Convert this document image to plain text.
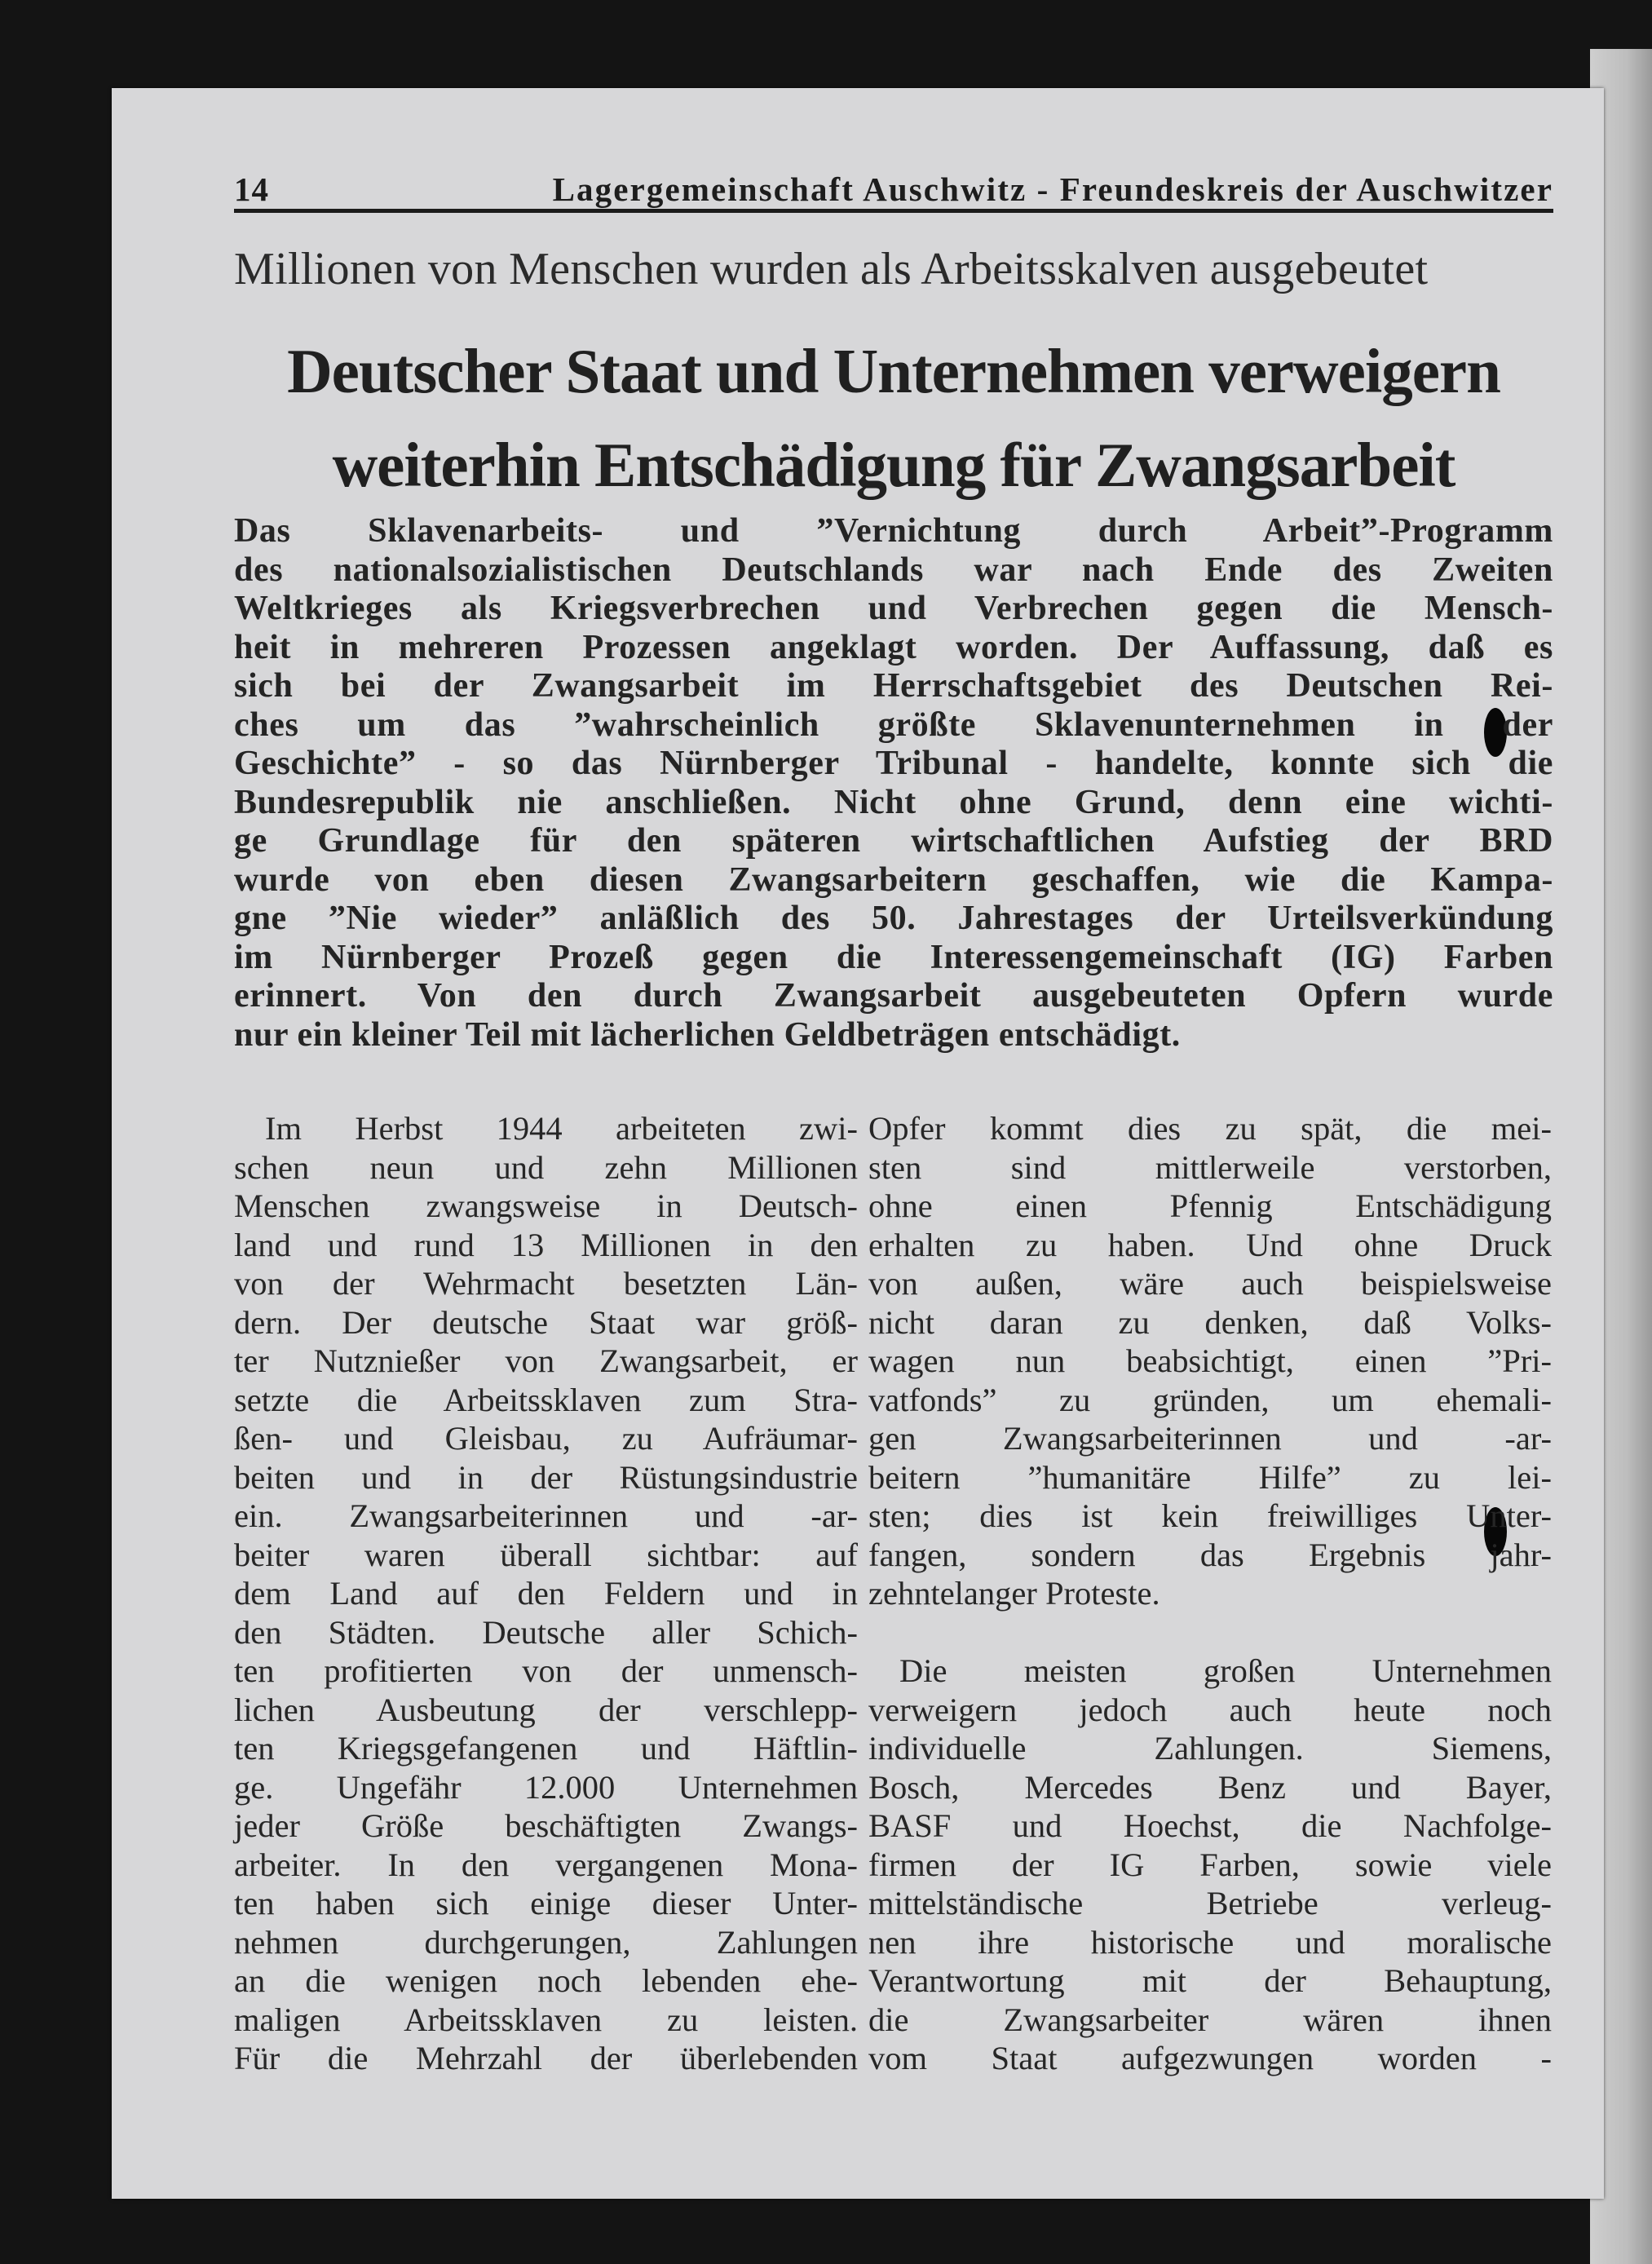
14	Lagergemeinschaft Auschwitz - Freundeskreis der Auschwitzer
Millionen von Menschen wurden als Arbeitsskalven ausgebeutet
Deutscher Staat und Unternehmen verweigern
weiterhin Entschädigung für Zwangsarbeit
Das Sklavenarbeits- und ”Vernichtung durch Arbeit”-Programm
des nationalsozialistischen Deutschlands war nach Ende des Zweiten
Weltkrieges als Kriegsverbrechen und Verbrechen gegen die Mensch-
heit in mehreren Prozessen angeklagt worden. Der Auffassung, daß es
sich bei der Zwangsarbeit im Herrschaftsgebiet des Deutschen Rei-
ches um das ”wahrscheinlich größte Sklavenunternehmen in der
Geschichte” - so das Nürnberger Tribunal - handelte, konnte sich die
Bundesrepublik nie anschließen. Nicht ohne Grund, denn eine wichti-
ge Grundlage für den späteren wirtschaftlichen Aufstieg der BRD
wurde von eben diesen Zwangsarbeitern geschaffen, wie die Kampa-
gne ”Nie wieder” anläßlich des 50. Jahrestages der Urteilsverkündung
im Nürnberger Prozeß gegen die Interessengemeinschaft (IG) Farben
erinnert. Von den durch Zwangsarbeit ausgebeuteten Opfern wurde
nur ein kleiner Teil mit lächerlichen Geldbeträgen entschädigt.
Im Herbst 1944 arbeiteten zwi-
schen neun und zehn Millionen
Menschen zwangsweise in Deutsch-
land und rund 13 Millionen in den
von der Wehrmacht besetzten Län-
dern. Der deutsche Staat war größ-
ter Nutznießer von Zwangsarbeit, er
setzte die Arbeitssklaven zum Stra-
ßen- und Gleisbau, zu Aufräumar-
beiten und in der Rüstungsindustrie
ein. Zwangsarbeiterinnen und -ar-
beiter waren überall sichtbar: auf
dem Land auf den Feldern und in
den Städten. Deutsche aller Schich-
ten profitierten von der unmensch-
lichen Ausbeutung der verschlepp-
ten Kriegsgefangenen und Häftlin-
ge. Ungefähr 12.000 Unternehmen
jeder Größe beschäftigten Zwangs-
arbeiter. In den vergangenen Mona-
ten haben sich einige dieser Unter-
nehmen durchgerungen, Zahlungen
an die wenigen noch lebenden ehe-
maligen Arbeitssklaven zu leisten.
Für die Mehrzahl der überlebenden
Opfer kommt dies zu spät, die mei-
sten sind mittlerweile verstorben,
ohne einen Pfennig Entschädigung
erhalten zu haben. Und ohne Druck
von außen, wäre auch beispielsweise
nicht daran zu denken, daß Volks-
wagen nun beabsichtigt, einen ”Pri-
vatfonds” zu gründen, um ehemali-
gen Zwangsarbeiterinnen und -ar-
beitern ”humanitäre Hilfe” zu lei-
sten; dies ist kein freiwilliges Unter-
fangen, sondern das Ergebnis jahr-
zehntelanger Proteste.
Die meisten großen Unternehmen
verweigern jedoch auch heute noch
individuelle Zahlungen. Siemens,
Bosch, Mercedes Benz und Bayer,
BASF und Hoechst, die Nachfolge-
firmen der IG Farben, sowie viele
mittelständische Betriebe verleug-
nen ihre historische und moralische
Verantwortung mit der Behauptung,
die Zwangsarbeiter wären ihnen
vom Staat aufgezwungen worden -
